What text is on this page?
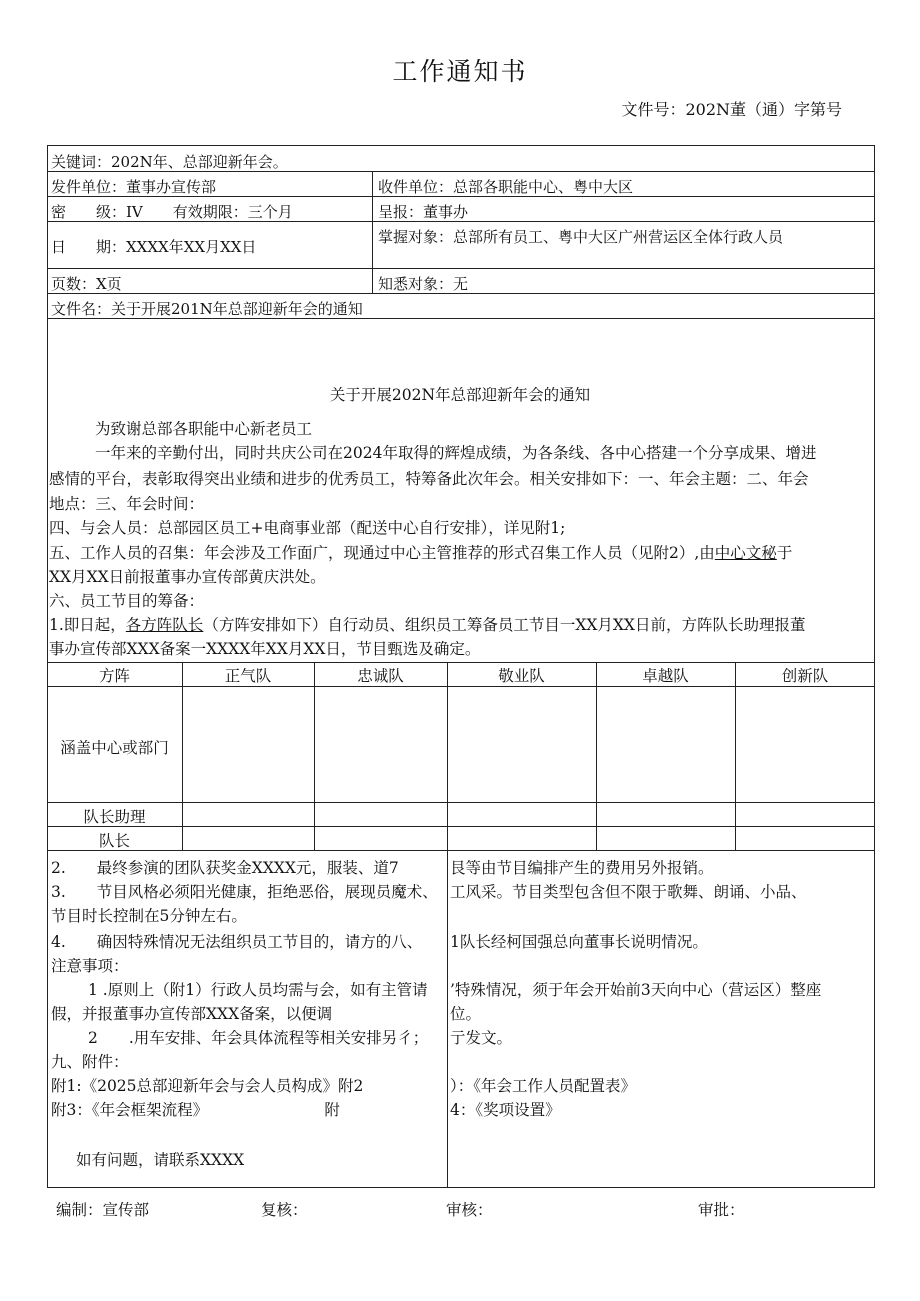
工作通知书
文件号：202N董（通）字第号
关键词：202N年、总部迎新年会。
发件单位：董事办宣传部	收件单位：总部各职能中心、粤中大区
密　　级：IV　　有效期限：三个月	呈报：董事办
日　　期：XXXX年XX月XX日
掌握对象：总部所有员工、粤中大区广州营运区全体行政人员
页数：X页	知悉对象：无
文件名：关于开展201N年总部迎新年会的通知
关于开展202N年总部迎新年会的通知
为致谢总部各职能中心新老员工
一年来的辛勤付出，同时共庆公司在2024年取得的辉煌成绩，为各条线、各中心搭建一个分享成果、增进
感情的平台，表彰取得突出业绩和进步的优秀员工，特筹备此次年会。相关安排如下：一、年会主题：二、年会
地点：三、年会时间：
四、与会人员：总部园区员工+电商事业部（配送中心自行安排），详见附1;
五、工作人员的召集：年会涉及工作面广，现通过中心主管推荐的形式召集工作人员（见附2）,由中心文秘于
XX月XX日前报董事办宣传部黄庆洪处。
六、员工节目的筹备：
1.即日起，各方阵队长（方阵安排如下）自行动员、组织员工筹备员工节目一XX月XX日前，方阵队长助理报董
事办宣传部XXX备案一XXXX年XX月XX日，节目甄选及确定。
方阵	正气队	忠诚队	敬业队	卓越队	创新队
涵盖中心或部门
队长助理
队长
2.　　最终参演的团队获奖金XXXX元，服装、道7	艮等由节目编排产生的费用另外报销。
3.　　节目风格必须阳光健康，拒绝恶俗，展现员魔术、 工风采。节目类型包含但不限于歌舞、朗诵、小品、
节目时长控制在5分钟左右。
4.　　确因特殊情况无法组织员工节目的，请方的八、 1队长经柯国强总向董事长说明情况。
注意事项：
1 .原则上（附1）行政人员均需与会，如有主管请 ’特殊情况，须于年会开始前3天向中心（营运区）整座
假，并报董事办宣传部XXX备案，以便调	位。
2　　.用车安排、年会具体流程等相关安排另彳； 亍发文。
九、附件：
附1:《2025总部迎新年会与会人员构成》附2	）：《年会工作人员配置表》
附3：《年会框架流程》　　　　　　　　附	4：《奖项设置》
如有问题，请联系XXXX
编制：宣传部	复核：	审核：	审批：
